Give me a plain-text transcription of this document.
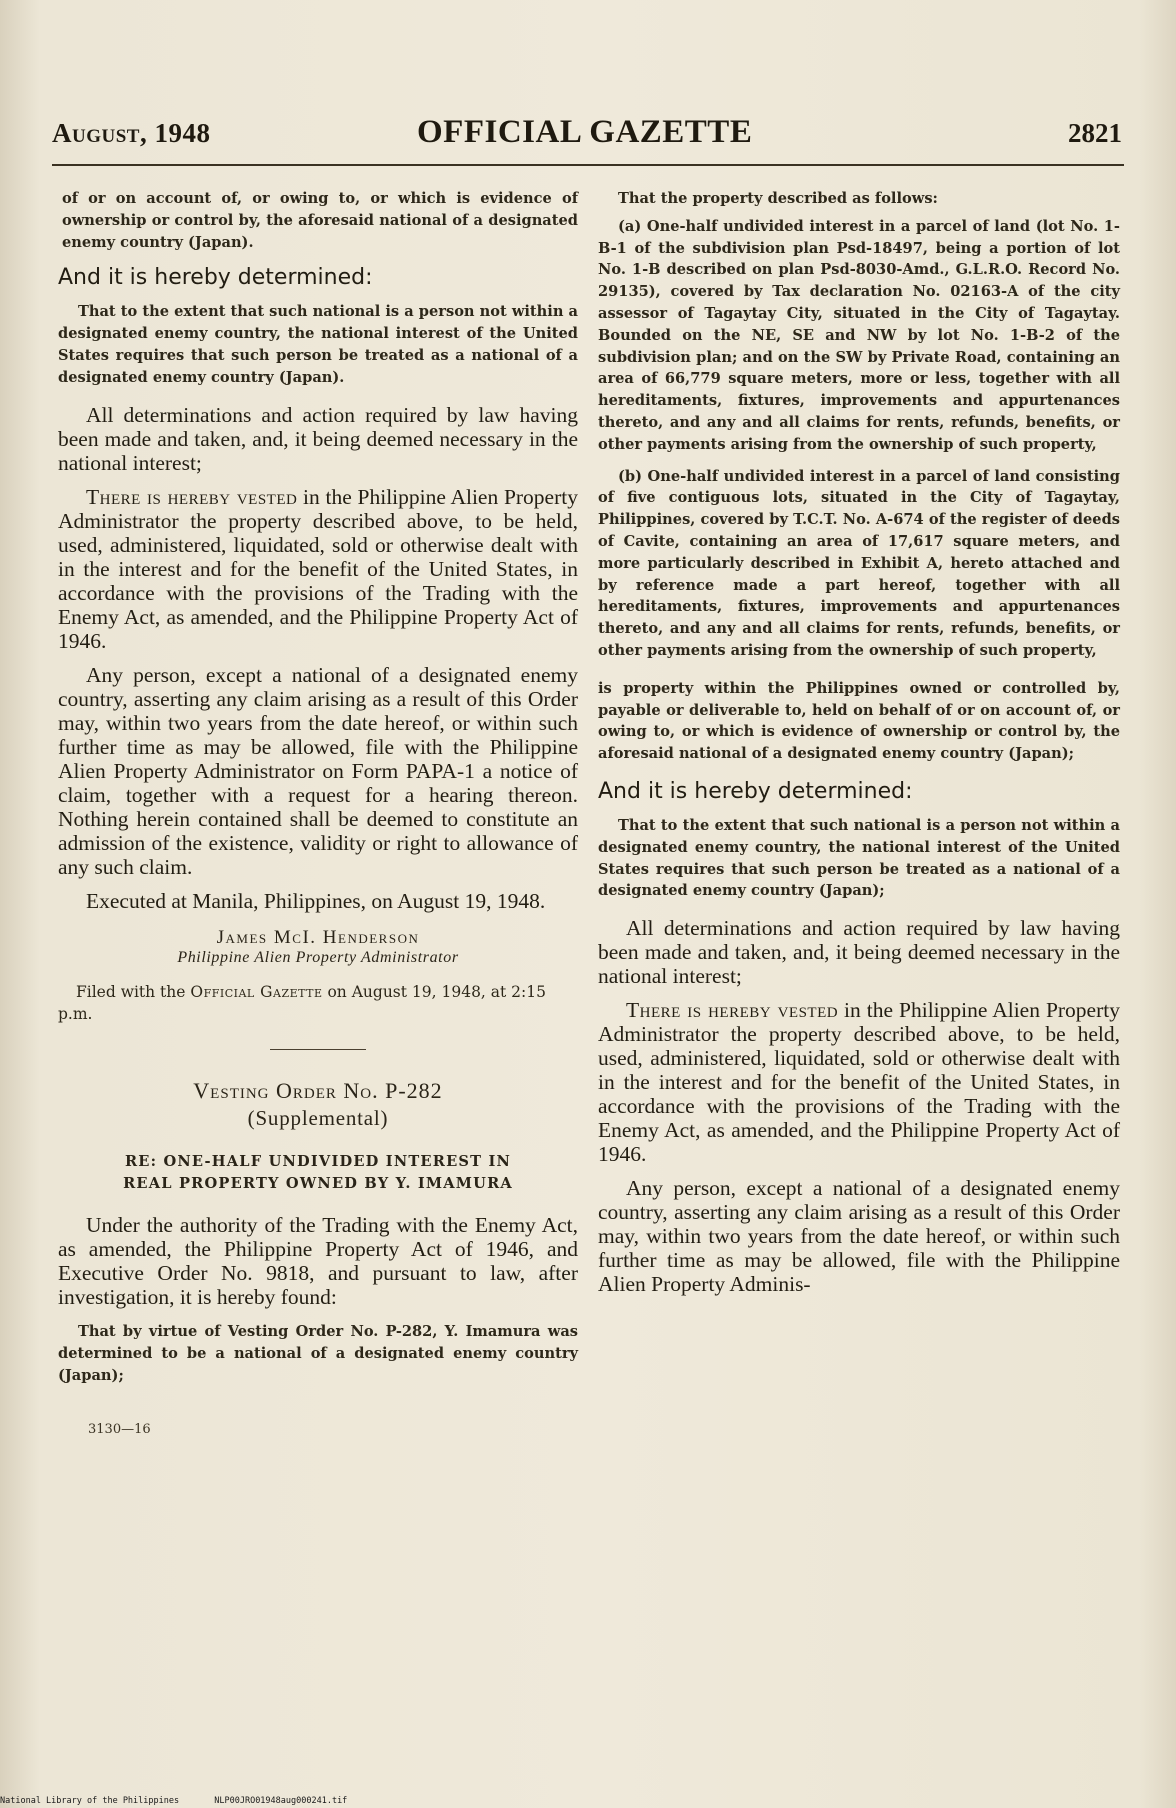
August, 1948	OFFICIAL GAZETTE	2821

of or on account of, or owing to, or which is evidence of ownership or control by, the aforesaid national of a designated enemy country (Japan).

And it is hereby determined:

That to the extent that such national is a person not within a designated enemy country, the national interest of the United States requires that such person be treated as a national of a designated enemy country (Japan).

All determinations and action required by law having been made and taken, and, it being deemed necessary in the national interest;

There is hereby vested in the Philippine Alien Property Administrator the property described above, to be held, used, administered, liquidated, sold or otherwise dealt with in the interest and for the benefit of the United States, in accordance with the provisions of the Trading with the Enemy Act, as amended, and the Philippine Property Act of 1946.

Any person, except a national of a designated enemy country, asserting any claim arising as a result of this Order may, within two years from the date hereof, or within such further time as may be allowed, file with the Philippine Alien Property Administrator on Form PAPA-1 a notice of claim, together with a request for a hearing thereon. Nothing herein contained shall be deemed to constitute an admission of the existence, validity or right to allowance of any such claim.

Executed at Manila, Philippines, on August 19, 1948.

James McI. Henderson

Philippine Alien Property Administrator

Filed with the Official Gazette on August 19, 1948, at 2:15 p.m.

Vesting Order No. P-282

(Supplemental)

RE: ONE-HALF UNDIVIDED INTEREST IN
REAL PROPERTY OWNED BY Y. IMAMURA

Under the authority of the Trading with the Enemy Act, as amended, the Philippine Property Act of 1946, and Executive Order No. 9818, and pursuant to law, after investigation, it is hereby found:

That by virtue of Vesting Order No. P-282, Y. Imamura was determined to be a national of a designated enemy country (Japan);

3130—16

That the property described as follows:

(a) One-half undivided interest in a parcel of land (lot No. 1-B-1 of the subdivision plan Psd-18497, being a portion of lot No. 1-B described on plan Psd-8030-Amd., G.L.R.O. Record No. 29135), covered by Tax declaration No. 02163-A of the city assessor of Tagaytay City, situated in the City of Tagaytay. Bounded on the NE, SE and NW by lot No. 1-B-2 of the subdivision plan; and on the SW by Private Road, containing an area of 66,779 square meters, more or less, together with all hereditaments, fixtures, improvements and appurtenances thereto, and any and all claims for rents, refunds, benefits, or other payments arising from the ownership of such property,

(b) One-half undivided interest in a parcel of land consisting of five contiguous lots, situated in the City of Tagaytay, Philippines, covered by T.C.T. No. A-674 of the register of deeds of Cavite, containing an area of 17,617 square meters, and more particularly described in Exhibit A, hereto attached and by reference made a part hereof, together with all hereditaments, fixtures, improvements and appurtenances thereto, and any and all claims for rents, refunds, benefits, or other payments arising from the ownership of such property,

is property within the Philippines owned or controlled by, payable or deliverable to, held on behalf of or on account of, or owing to, or which is evidence of ownership or control by, the aforesaid national of a designated enemy country (Japan);

And it is hereby determined:

That to the extent that such national is a person not within a designated enemy country, the national interest of the United States requires that such person be treated as a national of a designated enemy country (Japan);

All determinations and action required by law having been made and taken, and, it being deemed necessary in the national interest;

There is hereby vested in the Philippine Alien Property Administrator the property described above, to be held, used, administered, liquidated, sold or otherwise dealt with in the interest and for the benefit of the United States, in accordance with the provisions of the Trading with the Enemy Act, as amended, and the Philippine Property Act of 1946.

Any person, except a national of a designated enemy country, asserting any claim arising as a result of this Order may, within two years from the date hereof, or within such further time as may be allowed, file with the Philippine Alien Property Adminis-

National Library of the Philippines	NLP00JRO01948aug000241.tif
